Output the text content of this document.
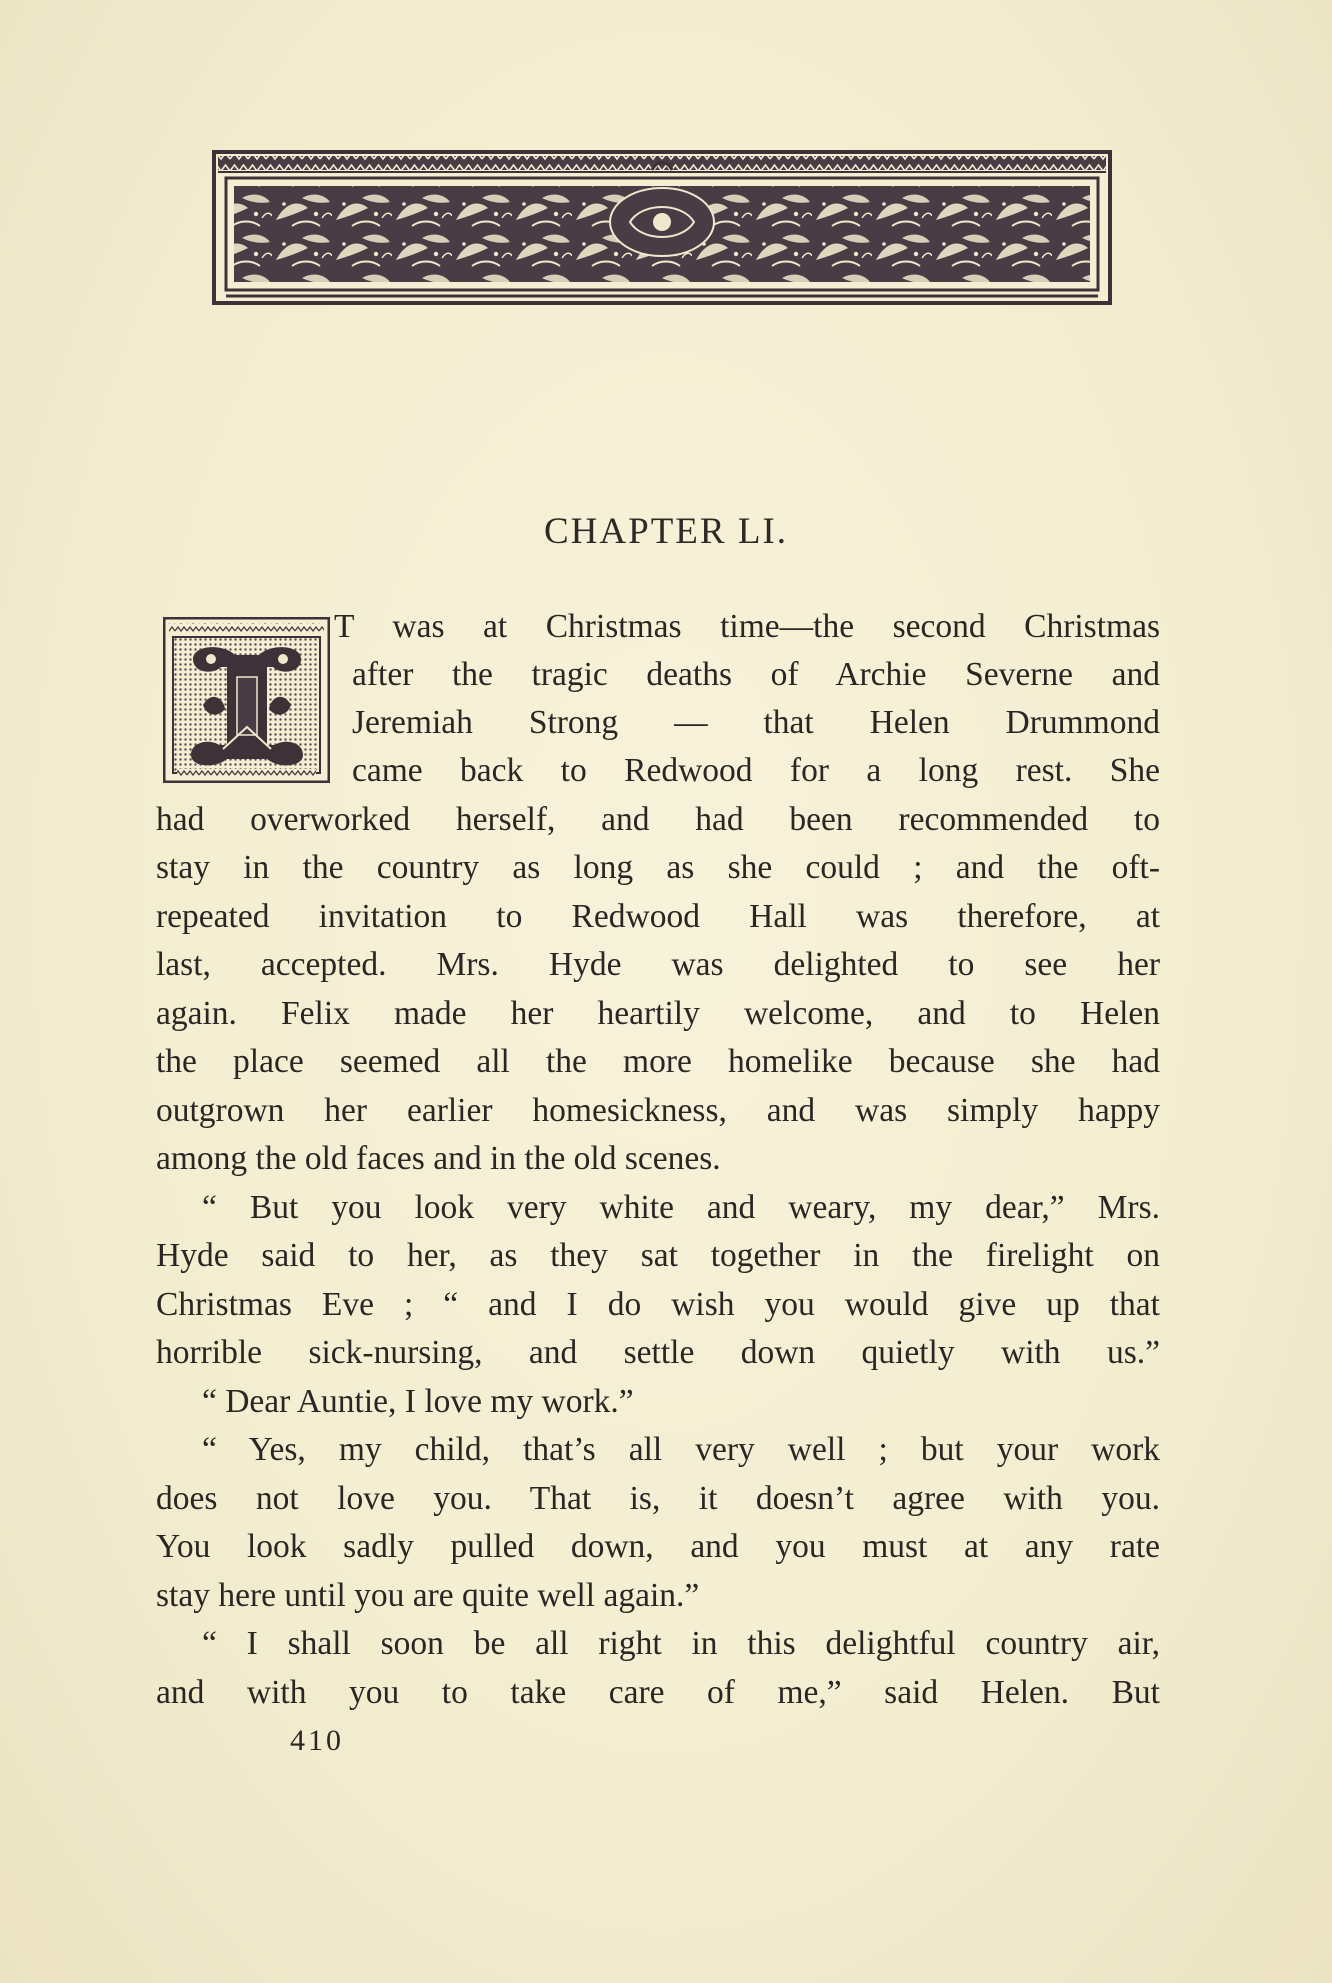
CHAPTER LI.
T was at Christmas time—the second Christmas
after the tragic deaths of Archie Severne and
Jeremiah Strong — that Helen Drummond
came back to Redwood for a long rest. She
had overworked herself, and had been recommended to
stay in the country as long as she could ; and the oft-
repeated invitation to Redwood Hall was therefore, at
last, accepted. Mrs. Hyde was delighted to see her
again. Felix made her heartily welcome, and to Helen
the place seemed all the more homelike because she had
outgrown her earlier homesickness, and was simply happy
among the old faces and in the old scenes.
“ But you look very white and weary, my dear,” Mrs.
Hyde said to her, as they sat together in the firelight on
Christmas Eve ; “ and I do wish you would give up that
horrible sick-nursing, and settle down quietly with us.”
“ Dear Auntie, I love my work.”
“ Yes, my child, that’s all very well ; but your work
does not love you. That is, it doesn’t agree with you.
You look sadly pulled down, and you must at any rate
stay here until you are quite well again.”
“ I shall soon be all right in this delightful country air,
and with you to take care of me,” said Helen. But
410
